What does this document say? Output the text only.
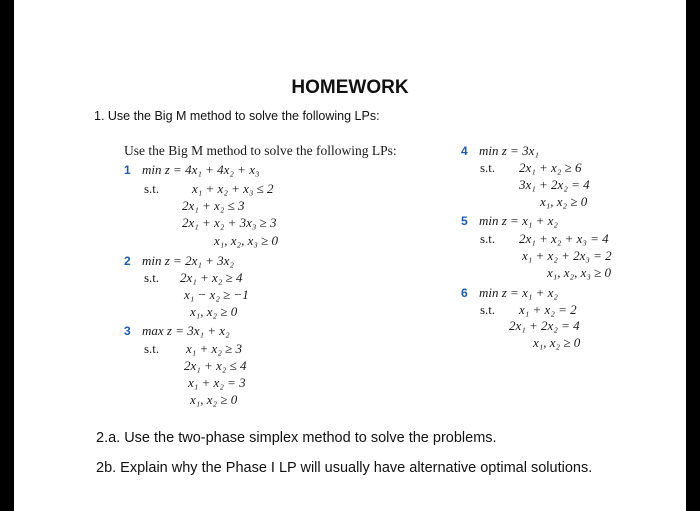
HOMEWORK
1. Use the Big M method to solve the following LPs:
Use the Big M method to solve the following LPs:
1 min z = 4x₁ + 4x₂ + x₃
s.t.	x₁ + x₂ + x₃ ≤ 2
2x₁ + x₂ ≤ 3
2x₁ + x₂ + 3x₃ ≥ 3
x₁, x₂, x₃ ≥ 0
2 min z = 2x₁ + 3x₂
s.t. 2x₁ + x₂ ≥ 4
x₁ − x₂ ≥ −1
x₁, x₂ ≥ 0
3 max z = 3x₁ + x₂
s.t. x₁ + x₂ ≥ 3
2x₁ + x₂ ≤ 4
x₁ + x₂ = 3
x₁, x₂ ≥ 0
4 min z = 3x₁
s.t. 2x₁ + x₂ ≥ 6
3x₁ + 2x₂ = 4
x₁, x₂ ≥ 0
5 min z = x₁ + x₂
s.t. 2x₁ + x₂ + x₃ = 4
x₁ + x₂ + 2x₃ = 2
x₁, x₂, x₃ ≥ 0
6 min z = x₁ + x₂
s.t. x₁ + x₂ = 2
2x₁ + 2x₂ = 4
x₁, x₂ ≥ 0
2.a. Use the two-phase simplex method to solve the problems.
2b. Explain why the Phase I LP will usually have alternative optimal solutions.
